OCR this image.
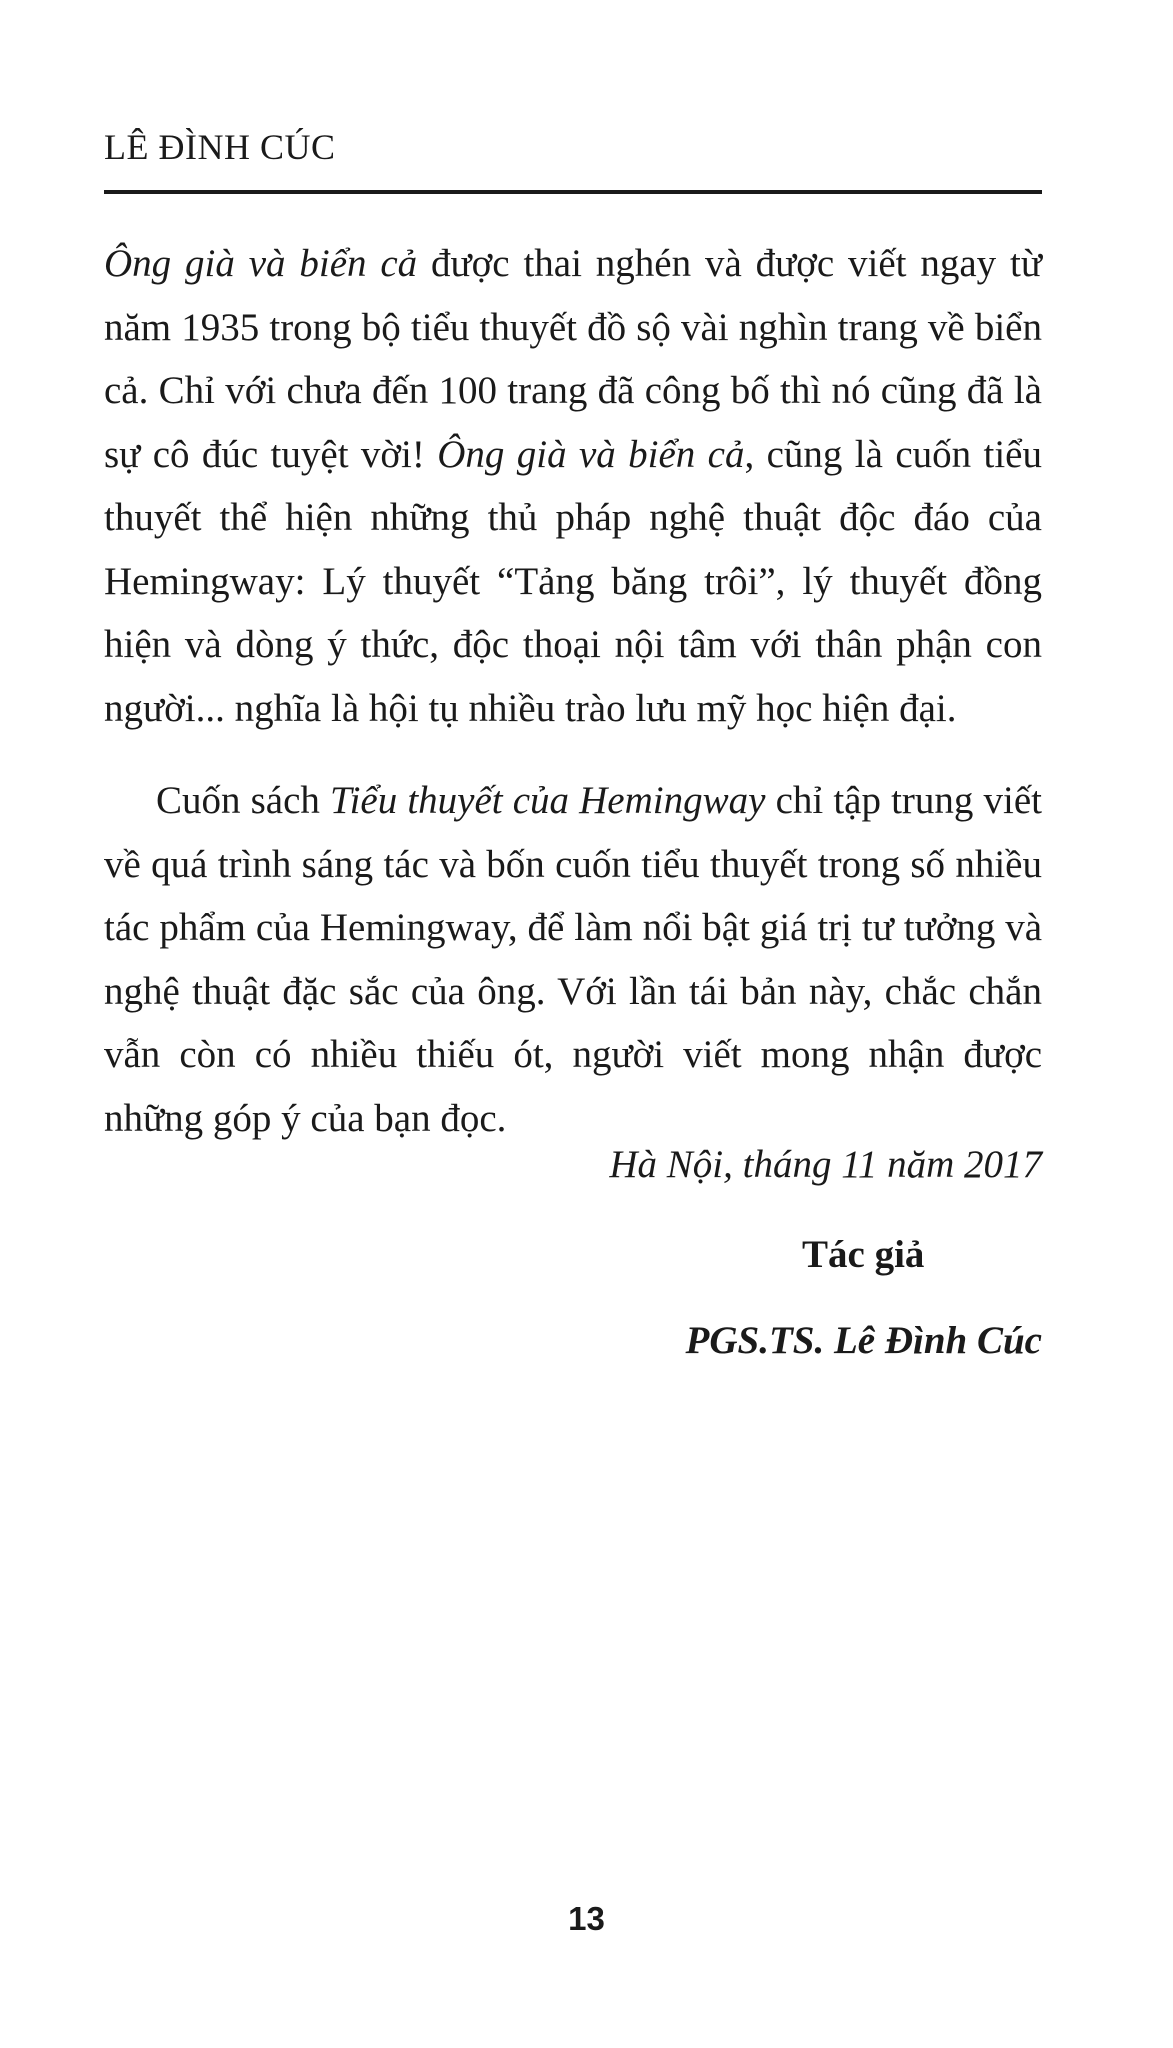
LÊ ĐÌNH CÚC

Ông già và biển cả được thai nghén và được viết ngay từ năm 1935 trong bộ tiểu thuyết đồ sộ vài nghìn trang về biển cả. Chỉ với chưa đến 100 trang đã công bố thì nó cũng đã là sự cô đúc tuyệt vời! Ông già và biển cả, cũng là cuốn tiểu thuyết thể hiện những thủ pháp nghệ thuật độc đáo của Hemingway: Lý thuyết “Tảng băng trôi”, lý thuyết đồng hiện và dòng ý thức, độc thoại nội tâm với thân phận con người... nghĩa là hội tụ nhiều trào lưu mỹ học hiện đại.

Cuốn sách Tiểu thuyết của Hemingway chỉ tập trung viết về quá trình sáng tác và bốn cuốn tiểu thuyết trong số nhiều tác phẩm của Hemingway, để làm nổi bật giá trị tư tưởng và nghệ thuật đặc sắc của ông. Với lần tái bản này, chắc chắn vẫn còn có nhiều thiếu ót, người viết mong nhận được những góp ý của bạn đọc.

Hà Nội, tháng 11 năm 2017
Tác giả
PGS.TS. Lê Đình Cúc
13
